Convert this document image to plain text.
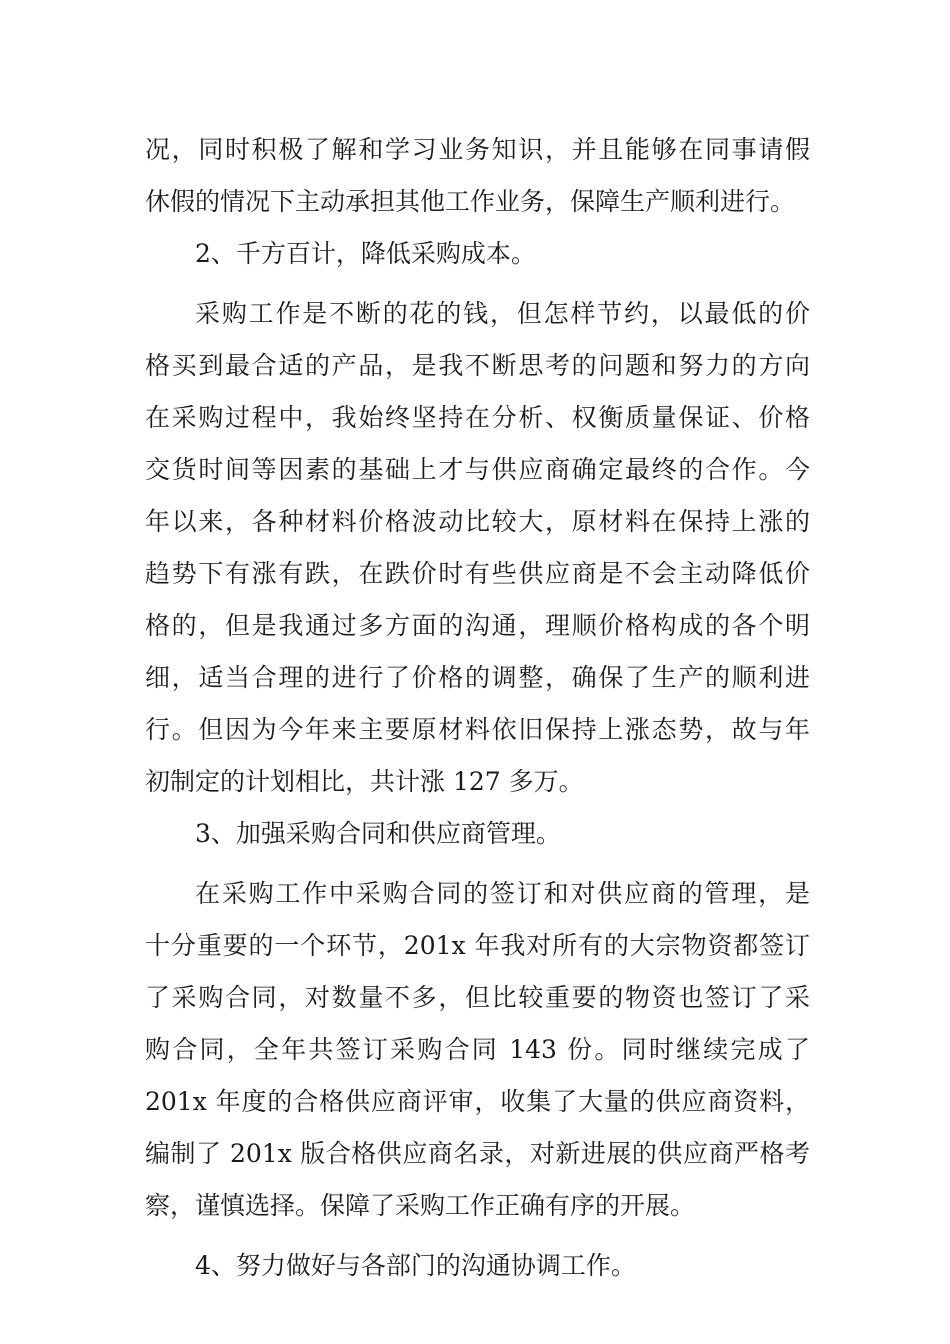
况，同时积极了解和学习业务知识，并且能够在同事请假
休假的情况下主动承担其他工作业务，保障生产顺利进行。
2、千方百计，降低采购成本。
采购工作是不断的花的钱，但怎样节约，以最低的价
格买到最合适的产品，是我不断思考的问题和努力的方向
在采购过程中，我始终坚持在分析、权衡质量保证、价格
交货时间等因素的基础上才与供应商确定最终的合作。今
年以来，各种材料价格波动比较大，原材料在保持上涨的
趋势下有涨有跌，在跌价时有些供应商是不会主动降低价
格的，但是我通过多方面的沟通，理顺价格构成的各个明
细，适当合理的进行了价格的调整，确保了生产的顺利进
行。但因为今年来主要原材料依旧保持上涨态势，故与年
初制定的计划相比，共计涨 127 多万。
3、加强采购合同和供应商管理。
在采购工作中采购合同的签订和对供应商的管理，是
十分重要的一个环节，201x 年我对所有的大宗物资都签订
了采购合同，对数量不多，但比较重要的物资也签订了采
购合同，全年共签订采购合同 143 份。同时继续完成了
201x 年度的合格供应商评审，收集了大量的供应商资料，
编制了 201x 版合格供应商名录，对新进展的供应商严格考
察，谨慎选择。保障了采购工作正确有序的开展。
4、努力做好与各部门的沟通协调工作。
